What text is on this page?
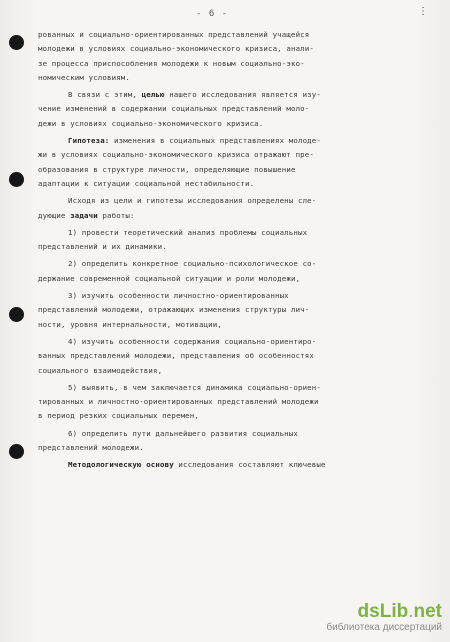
- 6 -	⋮
рованных и социально-ориентированных представлений учащейся
молодежи в условиях социально-экономического кризиса, анали-
зе процесса приспособления молодежи к новым социально-эко-
номическим условиям.
В связи с этим, целью нашего исследования является изу-
чение изменений в содержании социальных представлений моло-
дежи в условиях социально-экономического кризиса.
Гипотеза: изменения в социальных представлениях молоде-
жи в условиях социально-экономического кризиса отражают пре-
образования в структуре личности, определяющие повышение
адаптации к ситуации социальной нестабильности.
Исходя из цели и гипотезы исследования определены сле-
дующие задачи работы:
1) провести теоретический анализ проблемы социальных
представлений и их динамики.
2) определить конкретное социально-психологическое со-
держание современной социальной ситуации и роли молодежи,
3) изучить особенности личностно-ориентированных
представлений молодежи, отражающих изменения структуры лич-
ности, уровня интернальности, мотивации,
4) изучить особенности содержания социально-ориентиро-
ванных представлений молодежи, представления об особенностях
социального взаимодействия,
5) выявить, в чем заключается динамика социально-ориен-
тированных и личностно-ориентированных представлений молодежи
в период резких социальных перемен,
6) определить пути дальнейшего развития социальных
представлений молодежи.
Методологическую основу исследования составляют ключевые
dsLib.net
библиотека диссертаций
